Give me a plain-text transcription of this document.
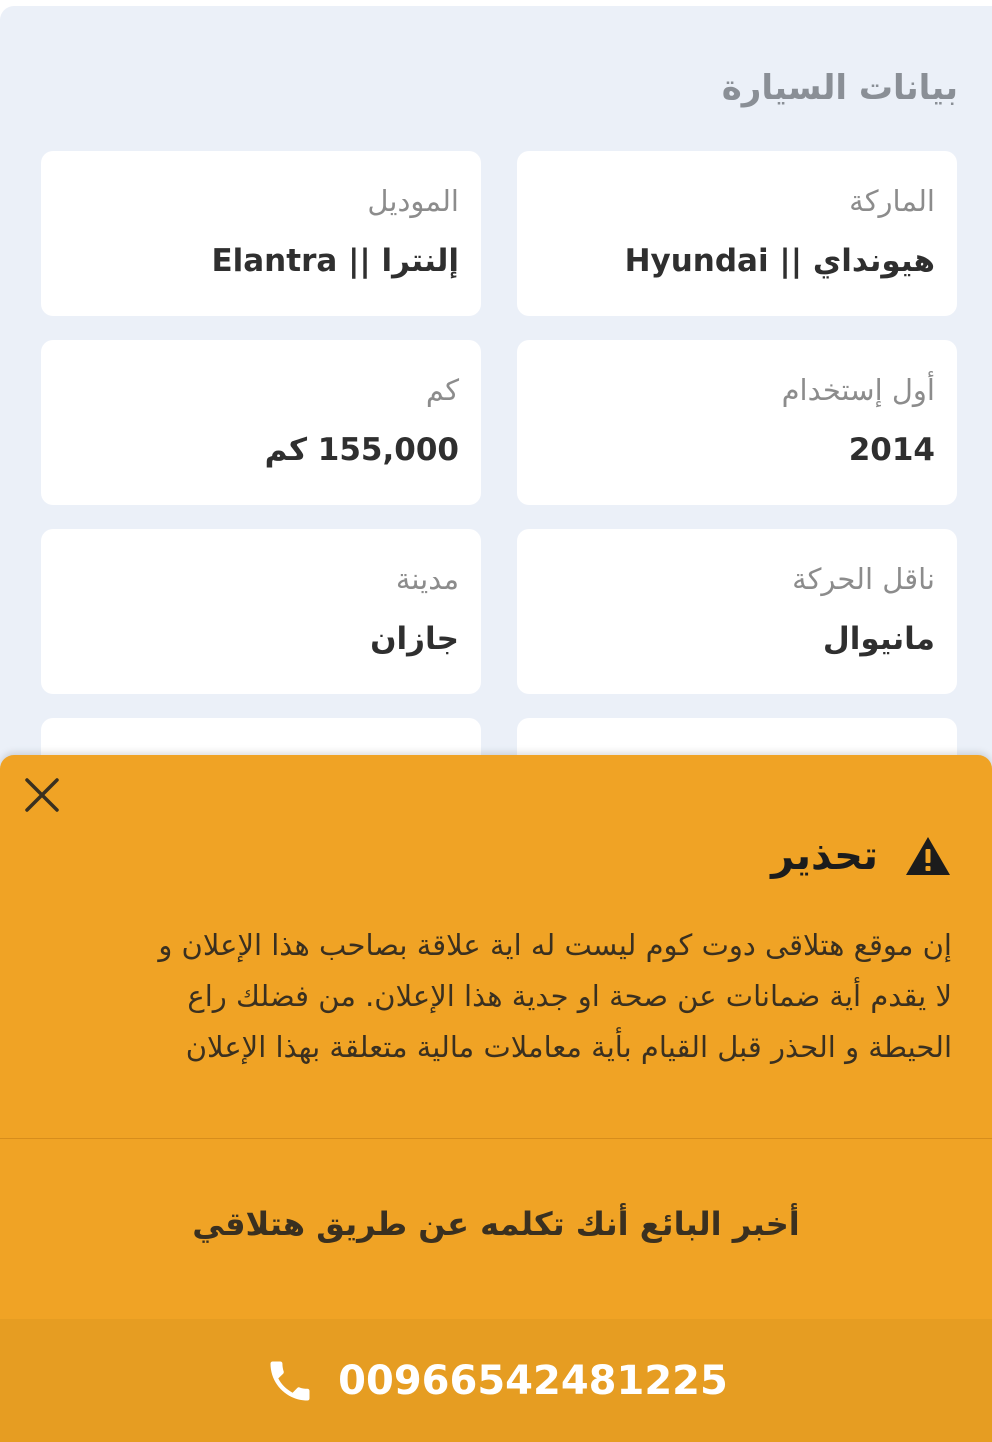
بيانات السيارة
الماركة
هيونداي || Hyundai
الموديل
إلنترا || Elantra
أول إستخدام
2014
كم
155,000 كم
ناقل الحركة
مانيوال
مدينة
جازان
تحذير
إن موقع هتلاقى دوت كوم ليست له اية علاقة بصاحب هذا الإعلان و
لا يقدم أية ضمانات عن صحة او جدية هذا الإعلان. من فضلك راع
الحيطة و الحذر قبل القيام بأية معاملات مالية متعلقة بهذا الإعلان
أخبر البائع أنك تكلمه عن طريق هتلاقي
00966542481225
